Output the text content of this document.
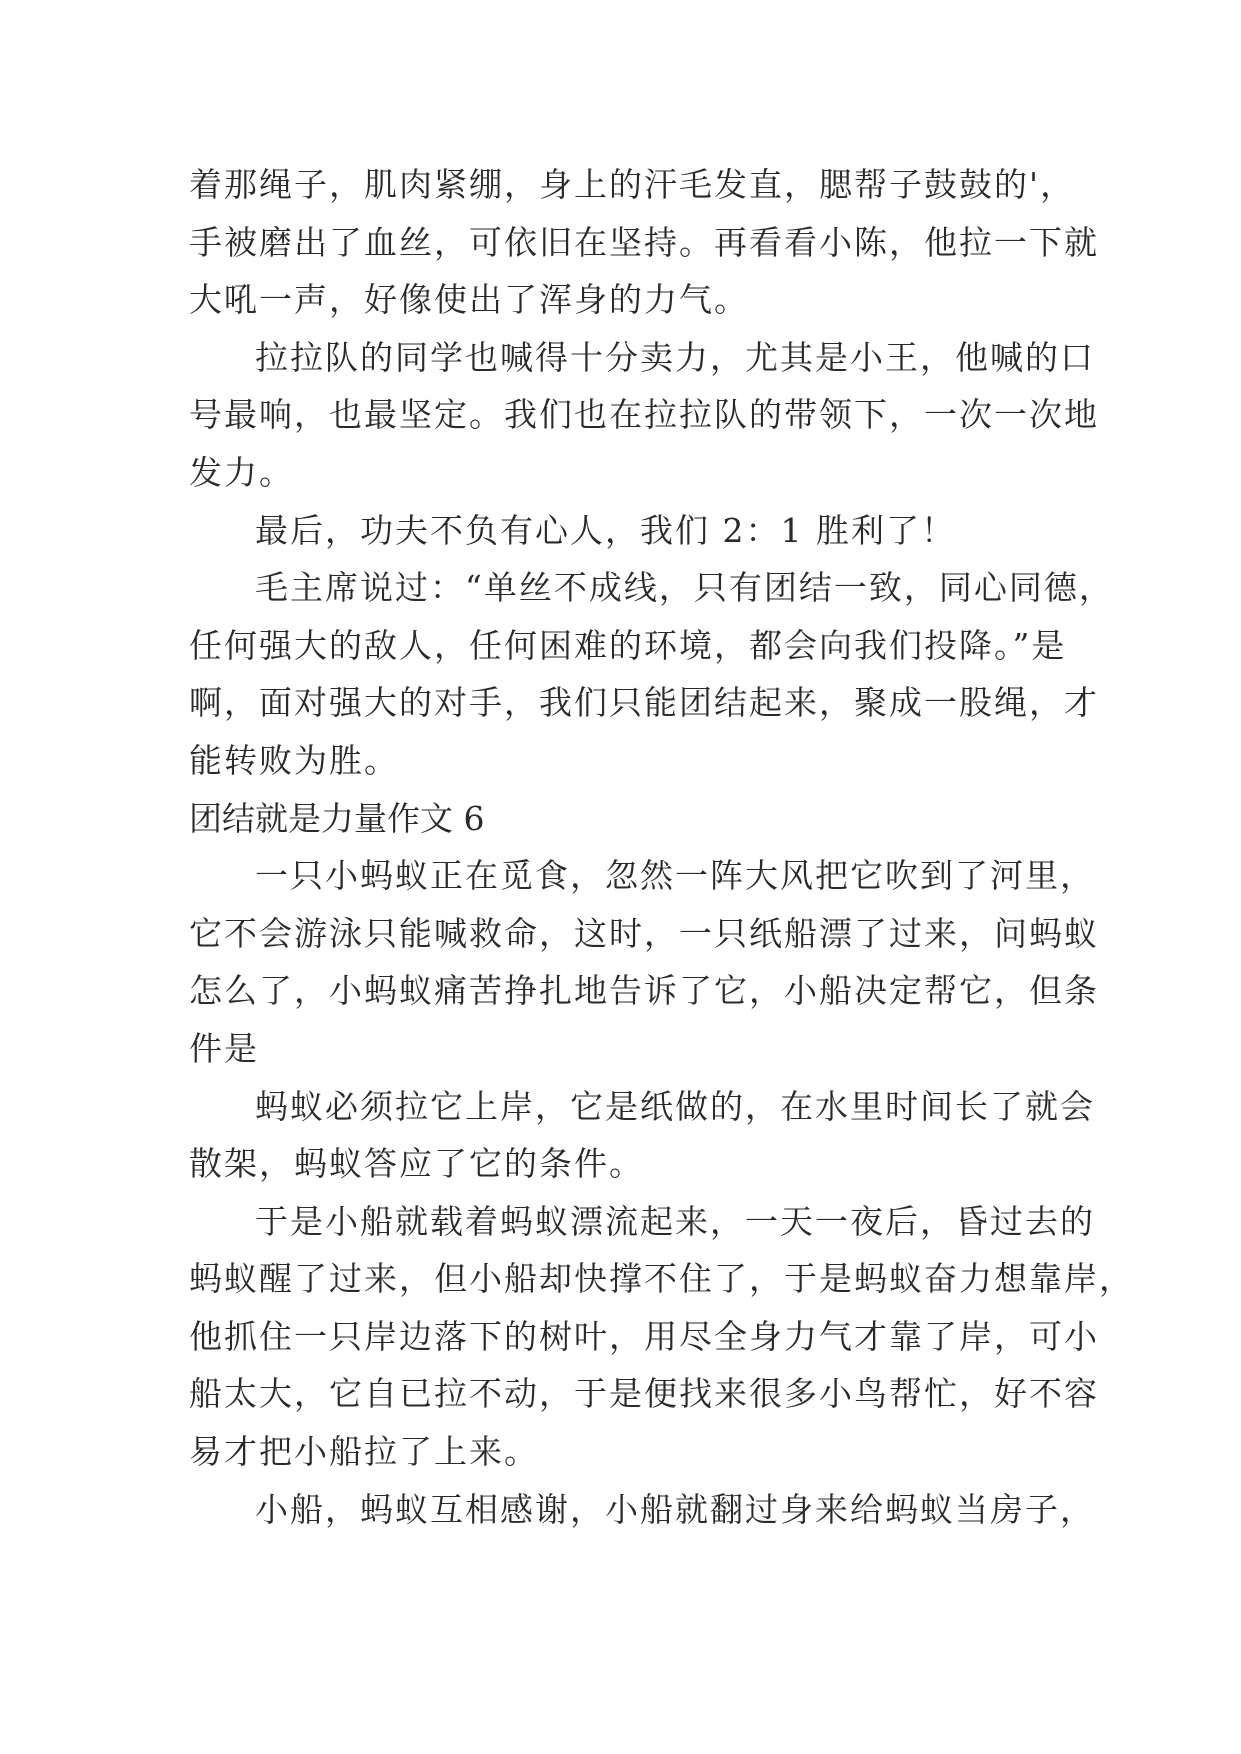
着那绳子，肌肉紧绷，身上的汗毛发直，腮帮子鼓鼓的'，
手被磨出了血丝，可依旧在坚持。再看看小陈，他拉一下就
大吼一声，好像使出了浑身的力气。
拉拉队的同学也喊得十分卖力，尤其是小王，他喊的口
号最响，也最坚定。我们也在拉拉队的带领下，一次一次地
发力。
最后，功夫不负有心人，我们 2：1 胜利了！
毛主席说过：“单丝不成线，只有团结一致，同心同德，
任何强大的敌人，任何困难的环境，都会向我们投降。”是
啊，面对强大的对手，我们只能团结起来，聚成一股绳，才
能转败为胜。
团结就是力量作文 6
一只小蚂蚁正在觅食，忽然一阵大风把它吹到了河里，
它不会游泳只能喊救命，这时，一只纸船漂了过来，问蚂蚁
怎么了，小蚂蚁痛苦挣扎地告诉了它，小船决定帮它，但条
件是
蚂蚁必须拉它上岸，它是纸做的，在水里时间长了就会
散架，蚂蚁答应了它的条件。
于是小船就载着蚂蚁漂流起来，一天一夜后，昏过去的
蚂蚁醒了过来，但小船却快撑不住了，于是蚂蚁奋力想靠岸，
他抓住一只岸边落下的树叶，用尽全身力气才靠了岸，可小
船太大，它自已拉不动，于是便找来很多小鸟帮忙，好不容
易才把小船拉了上来。
小船，蚂蚁互相感谢，小船就翻过身来给蚂蚁当房子，
